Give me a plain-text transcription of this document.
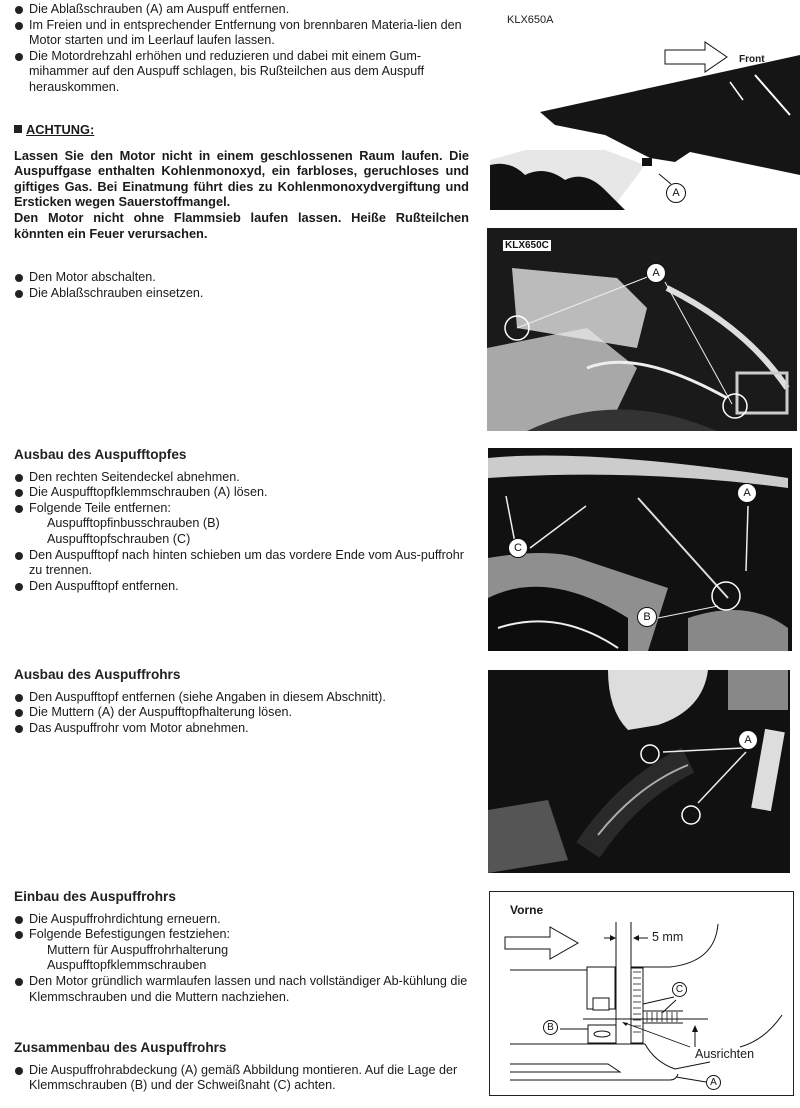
Die Ablaßschrauben (A) am Auspuff entfernen.

Im Freien und in entsprechender Entfernung von brennbaren Materia-lien den Motor starten und im Leerlauf laufen lassen.

Die Motordrehzahl erhöhen und reduzieren und dabei mit einem Gum-mihammer auf den Auspuff schlagen, bis Rußteilchen aus dem Auspuff herauskommen.

ACHTUNG:
Lassen Sie den Motor nicht in einem geschlossenen Raum laufen. Die Auspuffgase enthalten Kohlenmonoxyd, ein farbloses, geruchloses und giftiges Gas. Bei Einatmung führt dies zu Kohlenmonoxydvergiftung und Ersticken wegen Sauerstoffmangel.
Den Motor nicht ohne Flammsieb laufen lassen. Heiße Rußteilchen könnten ein Feuer verursachen.

Den Motor abschalten.

Die Ablaßschrauben einsetzen.

Ausbau des Auspufftopfes

Den rechten Seitendeckel abnehmen.

Die Auspufftopfklemmschrauben (A) lösen.

Folgende Teile entfernen:

Auspufftopfinbusschrauben (B)

Auspufftopfschrauben (C)

Den Auspufftopf nach hinten schieben um das vordere Ende vom Aus-puffrohr zu trennen.

Den Auspufftopf entfernen.

Ausbau des Auspuffrohrs

Den Auspufftopf entfernen (siehe Angaben in diesem Abschnitt).

Die Muttern (A) der Auspufftopfhalterung lösen.

Das Auspuffrohr vom Motor abnehmen.

Einbau des Auspuffrohrs

Die Auspuffrohrdichtung erneuern.

Folgende Befestigungen festziehen:

Muttern für Auspuffrohrhalterung

Auspufftopfklemmschrauben

Den Motor gründlich warmlaufen lassen und nach vollständiger Ab-kühlung die Klemmschrauben und die Muttern nachziehen.

Zusammenbau des Auspuffrohrs

Die Auspuffrohrabdeckung (A) gemäß Abbildung montieren. Auf die Lage der Klemmschrauben (B) und der Schweißnaht (C) achten.

KLX650A
Front
A
KLX650C
A
A
B
C
A
Vorne
5 mm
Ausrichten
A
B
C
